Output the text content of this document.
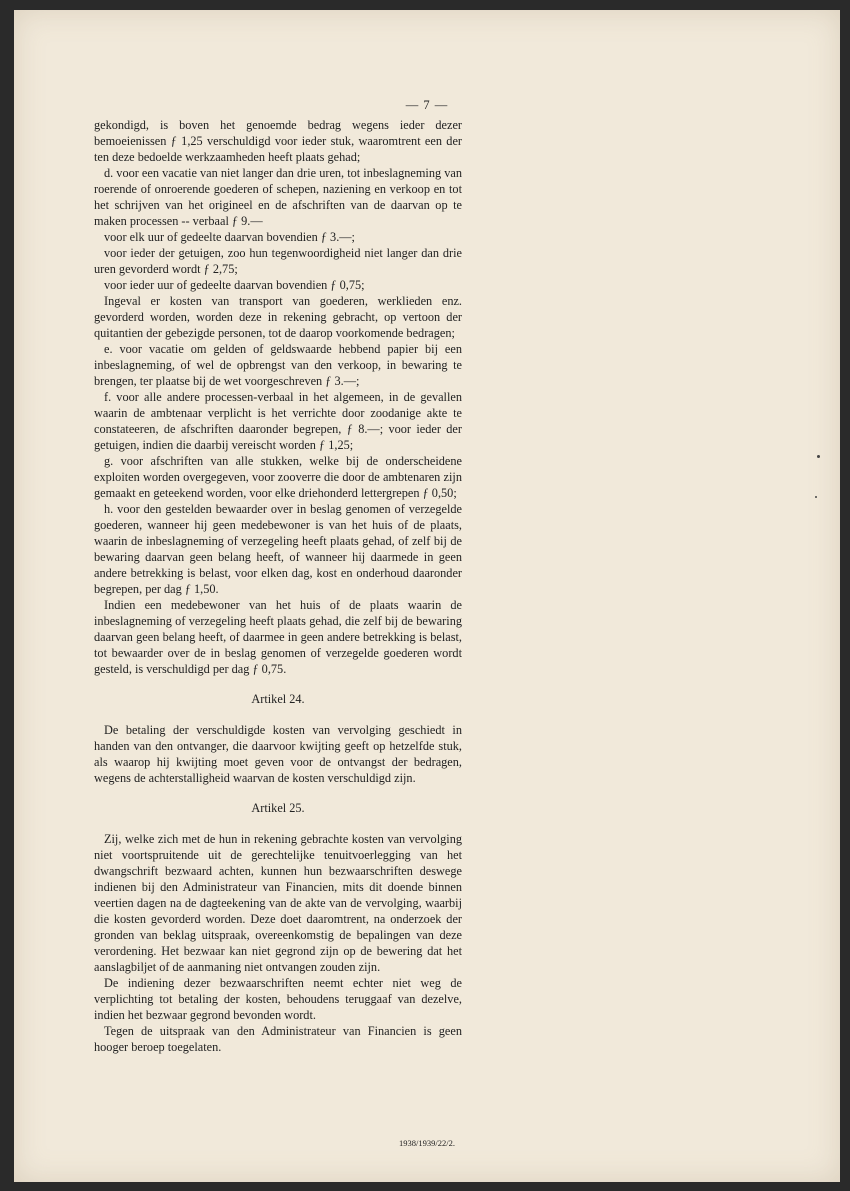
— 7 —

gekondigd, is boven het genoemde bedrag wegens ieder dezer bemoeienissen ƒ 1,25 verschuldigd voor ieder stuk, waaromtrent een der ten deze bedoelde werkzaamheden heeft plaats gehad;

d. voor een vacatie van niet langer dan drie uren, tot inbeslagneming van roerende of onroerende goederen of schepen, naziening en verkoop en tot het schrijven van het origineel en de afschriften van de daarvan op te maken processen -- verbaal ƒ 9.—

voor elk uur of gedeelte daarvan bovendien ƒ 3.—;

voor ieder der getuigen, zoo hun tegenwoordigheid niet langer dan drie uren gevorderd wordt ƒ 2,75;

voor ieder uur of gedeelte daarvan bovendien ƒ 0,75;

Ingeval er kosten van transport van goederen, werklieden enz. gevorderd worden, worden deze in rekening gebracht, op vertoon der quitantien der gebezigde personen, tot de daarop voorkomende bedragen;

e. voor vacatie om gelden of geldswaarde hebbend papier bij een inbeslagneming, of wel de opbrengst van den verkoop, in bewaring te brengen, ter plaatse bij de wet voorgeschreven ƒ 3.—;

f. voor alle andere processen-verbaal in het algemeen, in de gevallen waarin de ambtenaar verplicht is het verrichte door zoodanige akte te constateeren, de afschriften daaronder begrepen, ƒ 8.—; voor ieder der getuigen, indien die daarbij vereischt worden ƒ 1,25;

g. voor afschriften van alle stukken, welke bij de onderscheidene exploiten worden overgegeven, voor zooverre die door de ambtenaren zijn gemaakt en geteekend worden, voor elke driehonderd lettergrepen ƒ 0,50;

h. voor den gestelden bewaarder over in beslag genomen of verzegelde goederen, wanneer hij geen medebewoner is van het huis of de plaats, waarin de inbeslagneming of verzegeling heeft plaats gehad, of zelf bij de bewaring daarvan geen belang heeft, of wanneer hij daarmede in geen andere betrekking is belast, voor elken dag, kost en onderhoud daaronder begrepen, per dag ƒ 1,50.

Indien een medebewoner van het huis of de plaats waarin de inbeslagneming of verzegeling heeft plaats gehad, die zelf bij de bewaring daarvan geen belang heeft, of daarmee in geen andere betrekking is belast, tot bewaarder over de in beslag genomen of verzegelde goederen wordt gesteld, is verschuldigd per dag ƒ 0,75.

Artikel 24.

De betaling der verschuldigde kosten van vervolging geschiedt in handen van den ontvanger, die daarvoor kwijting geeft op hetzelfde stuk, als waarop hij kwijting moet geven voor de ontvangst der bedragen, wegens de achterstalligheid waarvan de kosten verschuldigd zijn.

Artikel 25.

Zij, welke zich met de hun in rekening gebrachte kosten van vervolging niet voortspruitende uit de gerechtelijke tenuitvoerlegging van het dwangschrift bezwaard achten, kunnen hun bezwaarschriften deswege indienen bij den Administrateur van Financien, mits dit doende binnen veertien dagen na de dagteekening van de akte van de vervolging, waarbij die kosten gevorderd worden. Deze doet daaromtrent, na onderzoek der gronden van beklag uitspraak, overeenkomstig de bepalingen van deze verordening. Het bezwaar kan niet gegrond zijn op de bewering dat het aanslagbiljet of de aanmaning niet ontvangen zouden zijn.

De indiening dezer bezwaarschriften neemt echter niet weg de verplichting tot betaling der kosten, behoudens teruggaaf van dezelve, indien het bezwaar gegrond bevonden wordt.

Tegen de uitspraak van den Administrateur van Financien is geen hooger beroep toegelaten.

1938/1939/22/2.
